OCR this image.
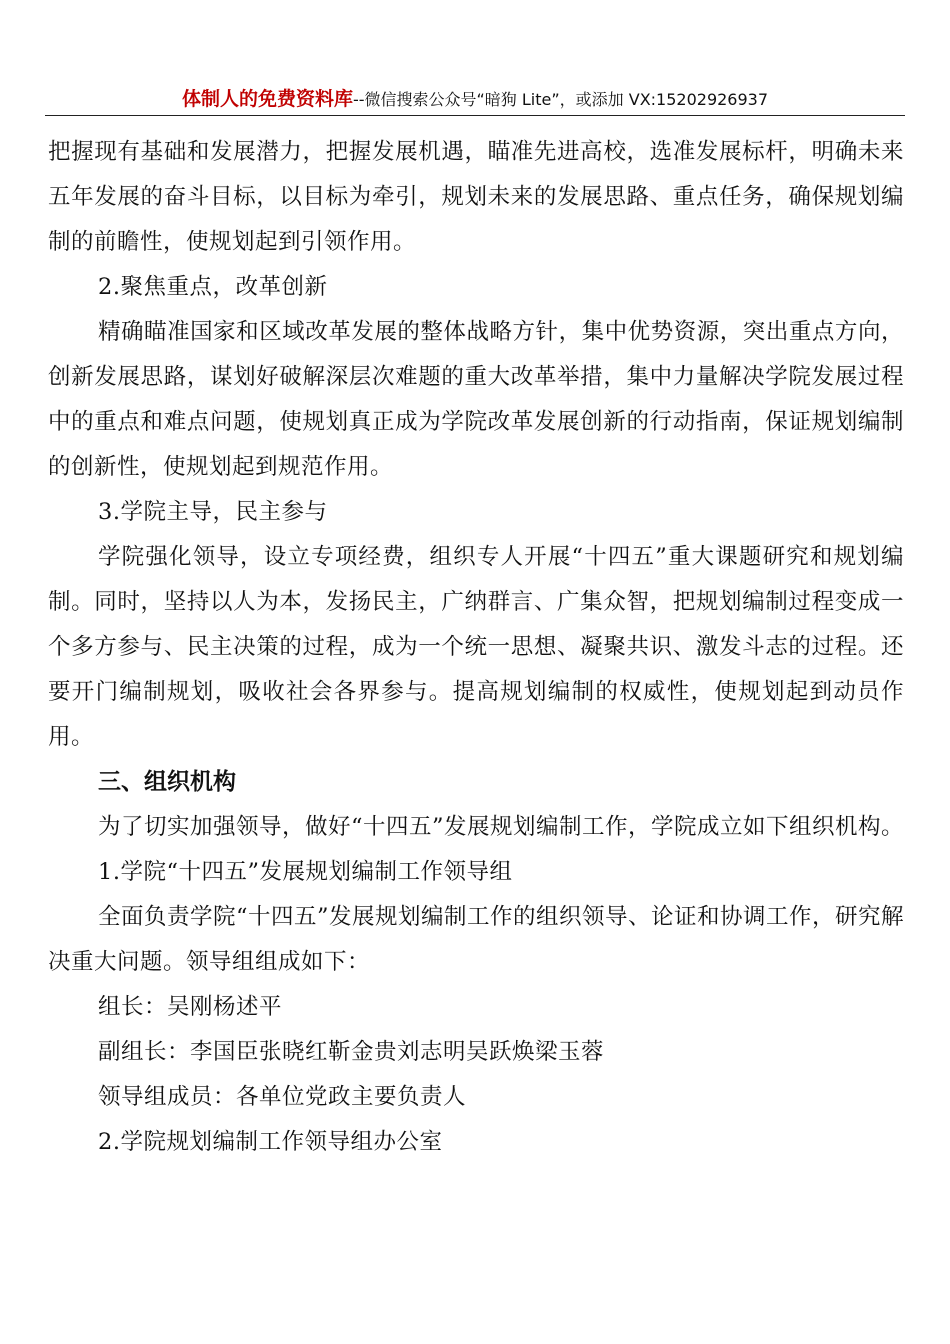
体制人的免费资料库--微信搜索公众号“暗狗 Lite”，或添加 VX:15202926937

把握现有基础和发展潜力，把握发展机遇，瞄准先进高校，选准发展标杆，明确未来五年发展的奋斗目标，以目标为牵引，规划未来的发展思路、重点任务，确保规划编制的前瞻性，使规划起到引领作用。

2.聚焦重点，改革创新

精确瞄准国家和区域改革发展的整体战略方针，集中优势资源，突出重点方向，创新发展思路，谋划好破解深层次难题的重大改革举措，集中力量解决学院发展过程中的重点和难点问题，使规划真正成为学院改革发展创新的行动指南，保证规划编制的创新性，使规划起到规范作用。

3.学院主导，民主参与

学院强化领导，设立专项经费，组织专人开展“十四五”重大课题研究和规划编制。同时，坚持以人为本，发扬民主，广纳群言、广集众智，把规划编制过程变成一个多方参与、民主决策的过程，成为一个统一思想、凝聚共识、激发斗志的过程。还要开门编制规划，吸收社会各界参与。提高规划编制的权威性，使规划起到动员作用。

三、组织机构

为了切实加强领导，做好“十四五”发展规划编制工作，学院成立如下组织机构。

1.学院“十四五”发展规划编制工作领导组

全面负责学院“十四五”发展规划编制工作的组织领导、论证和协调工作，研究解决重大问题。领导组组成如下：

组长：吴刚杨述平

副组长：李国臣张晓红靳金贵刘志明吴跃焕梁玉蓉

领导组成员：各单位党政主要负责人

2.学院规划编制工作领导组办公室
